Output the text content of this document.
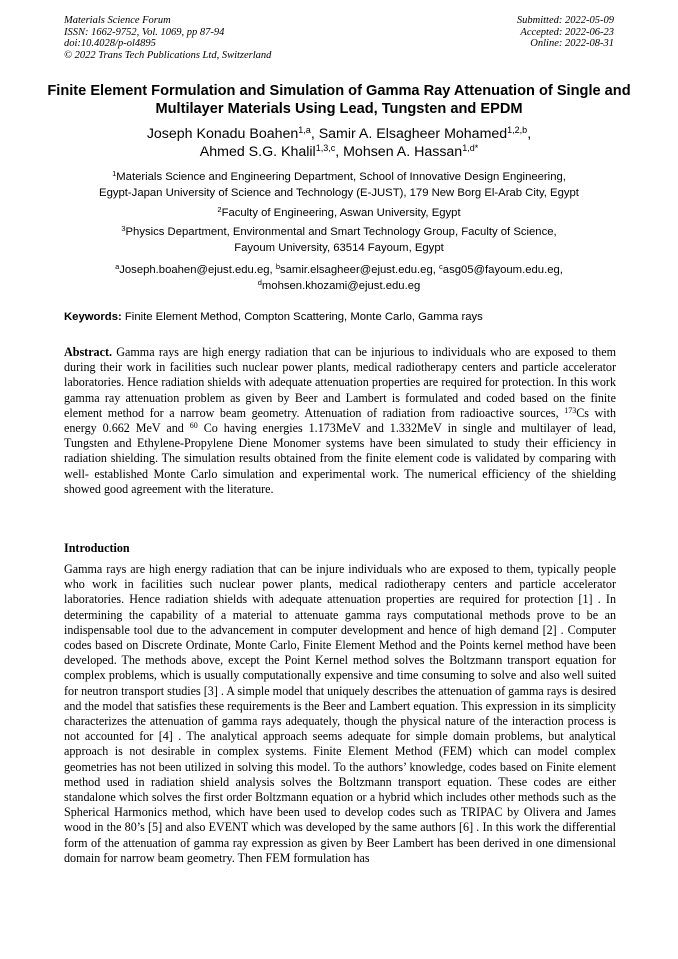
Materials Science Forum
ISSN: 1662-9752, Vol. 1069, pp 87-94
doi:10.4028/p-ol4895
© 2022 Trans Tech Publications Ltd, Switzerland
Submitted: 2022-05-09
Accepted: 2022-06-23
Online: 2022-08-31
Finite Element Formulation and Simulation of Gamma Ray Attenuation of Single and Multilayer Materials Using Lead, Tungsten and EPDM
Joseph Konadu Boahen$^{1,a}$, Samir A. Elsagheer Mohamed$^{1,2,b}$,
Ahmed S.G. Khalil$^{1,3,c}$, Mohsen A. Hassan$^{1,d*}$
$^1$Materials Science and Engineering Department, School of Innovative Design Engineering,
Egypt-Japan University of Science and Technology (E-JUST), 179 New Borg El-Arab City, Egypt
$^2$Faculty of Engineering, Aswan University, Egypt
$^3$Physics Department, Environmental and Smart Technology Group, Faculty of Science,
Fayoum University, 63514 Fayoum, Egypt
$^a$Joseph.boahen@ejust.edu.eg, $^b$samir.elsagheer@ejust.edu.eg, $^c$asg05@fayoum.edu.eg,
$^d$mohsen.khozami@ejust.edu.eg
Keywords: Finite Element Method, Compton Scattering, Monte Carlo, Gamma rays
Abstract. Gamma rays are high energy radiation that can be injurious to individuals who are exposed to them during their work in facilities such nuclear power plants, medical radiotherapy centers and particle accelerator laboratories. Hence radiation shields with adequate attenuation properties are required for protection. In this work gamma ray attenuation problem as given by Beer and Lambert is formulated and coded based on the finite element method for a narrow beam geometry. Attenuation of radiation from radioactive sources, $^{173}$Cs with energy 0.662 MeV and $^{60}$ Co having energies 1.173MeV and 1.332MeV in single and multilayer of lead, Tungsten and Ethylene-Propylene Diene Monomer systems have been simulated to study their efficiency in radiation shielding. The simulation results obtained from the finite element code is validated by comparing with well- established Monte Carlo simulation and experimental work. The numerical efficiency of the shielding showed good agreement with the literature.
Introduction
Gamma rays are high energy radiation that can be injure individuals who are exposed to them, typically people who work in facilities such nuclear power plants, medical radiotherapy centers and particle accelerator laboratories. Hence radiation shields with adequate attenuation properties are required for protection [1] . In determining the capability of a material to attenuate gamma rays computational methods prove to be an indispensable tool due to the advancement in computer development and hence of high demand [2] . Computer codes based on Discrete Ordinate, Monte Carlo, Finite Element Method and the Points kernel method have been developed. The methods above, except the Point Kernel method solves the Boltzmann transport equation for complex problems, which is usually computationally expensive and time consuming to solve and also well suited for neutron transport studies [3] . A simple model that uniquely describes the attenuation of gamma rays is desired and the model that satisfies these requirements is the Beer and Lambert equation. This expression in its simplicity characterizes the attenuation of gamma rays adequately, though the physical nature of the interaction process is not accounted for [4] . The analytical approach seems adequate for simple domain problems, but analytical approach is not desirable in complex systems. Finite Element Method (FEM) which can model complex geometries has not been utilized in solving this model. To the authors’ knowledge, codes based on Finite element method used in radiation shield analysis solves the Boltzmann transport equation. These codes are either standalone which solves the first order Boltzmann equation or a hybrid which includes other methods such as the Spherical Harmonics method, which have been used to develop codes such as TRIPAC by Olivera and James wood in the 80’s [5] and also EVENT which was developed by the same authors [6] . In this work the differential form of the attenuation of gamma ray expression as given by Beer Lambert has been derived in one dimensional domain for narrow beam geometry. Then FEM formulation has
